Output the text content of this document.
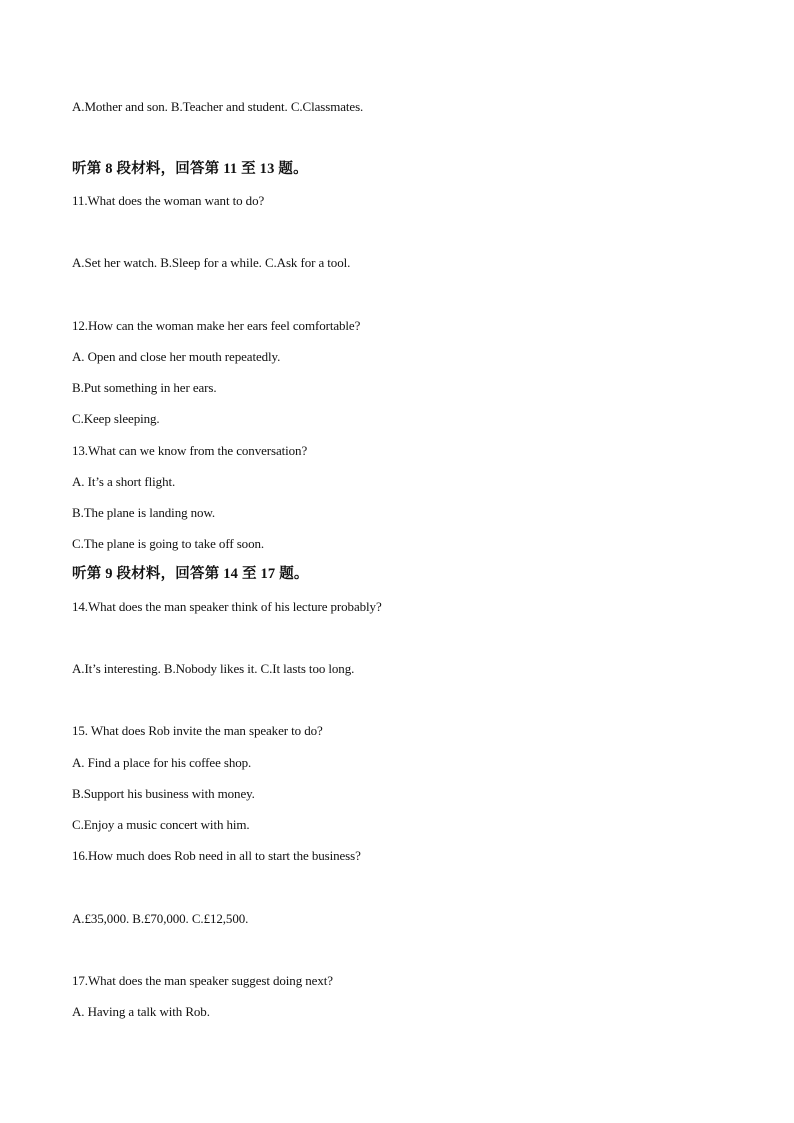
A.Mother and son. B.Teacher and student. C.Classmates.
听第 8 段材料，回答第 11 至 13 题。
11.What does the woman want to do?
A.Set her watch. B.Sleep for a while. C.Ask for a tool.
12.How can the woman make her ears feel comfortable?
A. Open and close her mouth repeatedly.
B.Put something in her ears.
C.Keep sleeping.
13.What can we know from the conversation?
A. It’s a short flight.
B.The plane is landing now.
C.The plane is going to take off soon.
听第 9 段材料，回答第 14 至 17 题。
14.What does the man speaker think of his lecture probably?
A.It’s interesting. B.Nobody likes it. C.It lasts too long.
15. What does Rob invite the man speaker to do?
A. Find a place for his coffee shop.
B.Support his business with money.
C.Enjoy a music concert with him.
16.How much does Rob need in all to start the business?
A.£35,000. B.£70,000. C.£12,500.
17.What does the man speaker suggest doing next?
A. Having a talk with Rob.
